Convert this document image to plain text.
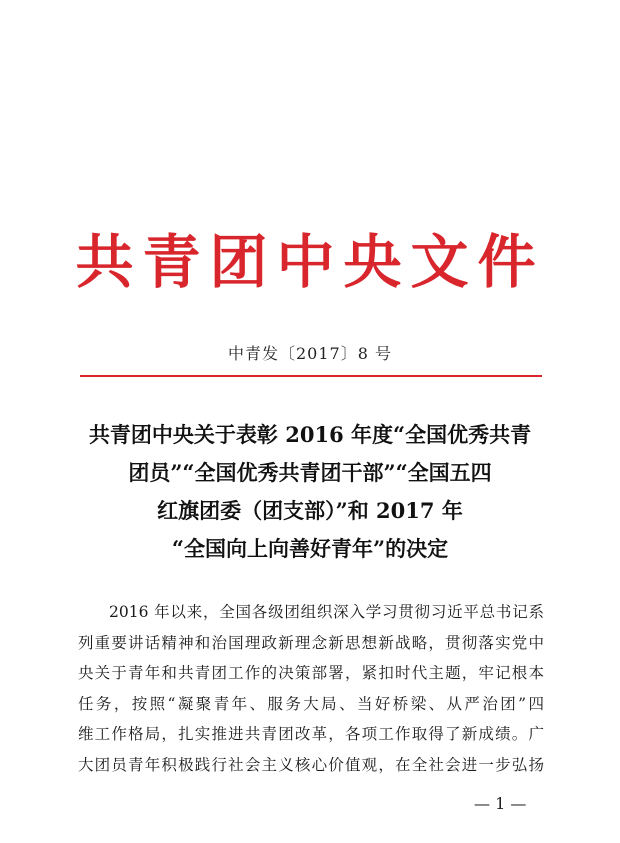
共青团中央文件
中青发〔2017〕8 号
共青团中央关于表彰 2016 年度“全国优秀共青
团员”“全国优秀共青团干部”“全国五四
红旗团委（团支部）”和 2017 年
“全国向上向善好青年”的决定
2016 年以来，全国各级团组织深入学习贯彻习近平总书记系
列重要讲话精神和治国理政新理念新思想新战略，贯彻落实党中
央关于青年和共青团工作的决策部署，紧扣时代主题，牢记根本
任务，按照“凝聚青年、服务大局、当好桥梁、从严治团”四
维工作格局，扎实推进共青团改革，各项工作取得了新成绩。广
大团员青年积极践行社会主义核心价值观，在全社会进一步弘扬
— 1 —
